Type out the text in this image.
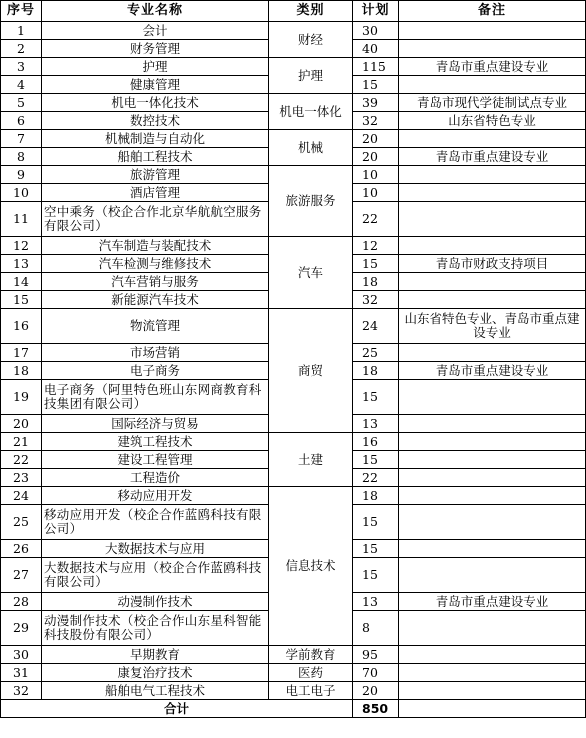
序号	专业名称	类别	计划	备注
1	会计	财经	30	
2	财务管理		40	
3	护理	护理	115	青岛市重点建设专业
4	健康管理		15	
5	机电一体化技术	机电一体化	39	青岛市现代学徒制试点专业
6	数控技术		32	山东省特色专业
7	机械制造与自动化	机械	20	
8	船舶工程技术		20	青岛市重点建设专业
9	旅游管理	旅游服务	10	
10	酒店管理		10	
11	空中乘务（校企合作北京华航航空服务有限公司）		22	
12	汽车制造与装配技术	汽车	12	
13	汽车检测与维修技术		15	青岛市财政支持项目
14	汽车营销与服务		18	
15	新能源汽车技术		32	
16	物流管理	商贸	24	山东省特色专业、青岛市重点建设专业
17	市场营销		25	
18	电子商务		18	青岛市重点建设专业
19	电子商务（阿里特色班山东网商教育科技集团有限公司）		15	
20	国际经济与贸易		13	
21	建筑工程技术	土建	16	
22	建设工程管理		15	
23	工程造价		22	
24	移动应用开发	信息技术	18	
25	移动应用开发（校企合作蓝鸥科技有限公司）		15	
26	大数据技术与应用		15	
27	大数据技术与应用（校企合作蓝鸥科技有限公司）		15	
28	动漫制作技术		13	青岛市重点建设专业
29	动漫制作技术（校企合作山东星科智能科技股份有限公司）		8	
30	早期教育	学前教育	95	
31	康复治疗技术	医药	70	
32	船舶电气工程技术	电工电子	20	
合计			850	
